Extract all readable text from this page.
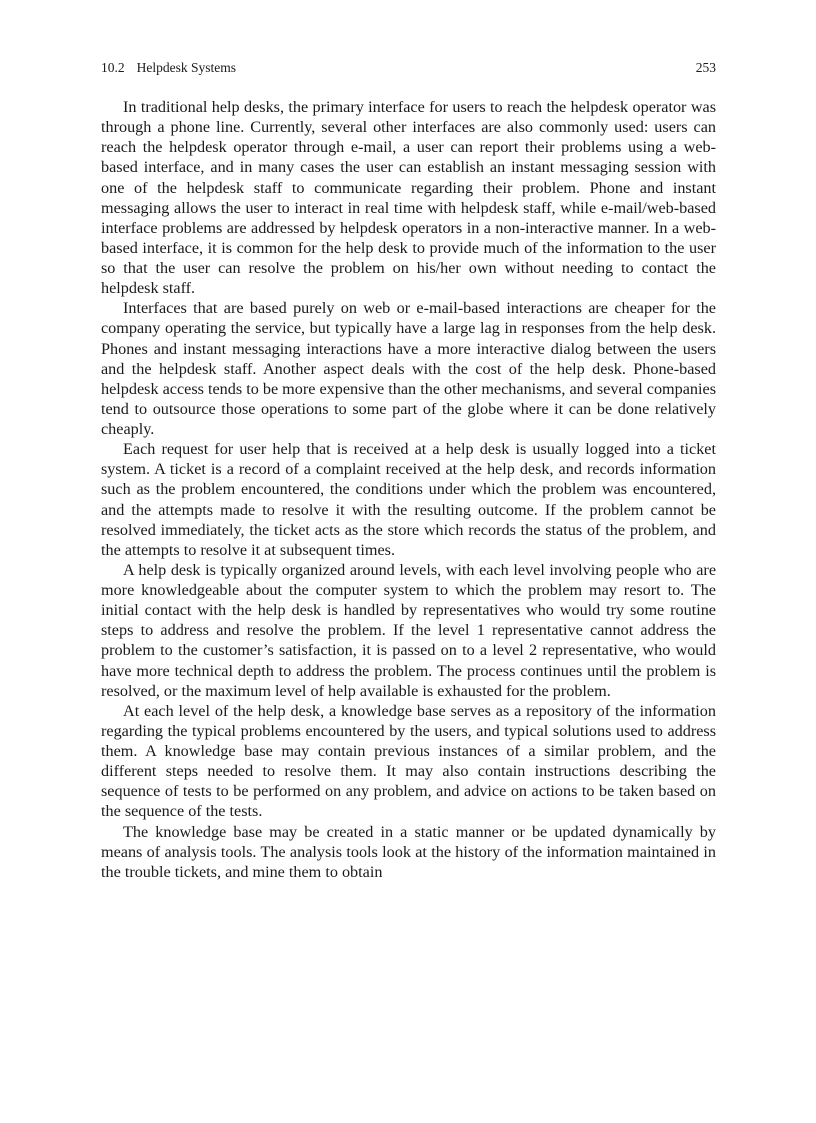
10.2 Helpdesk Systems	253

In traditional help desks, the primary interface for users to reach the helpdesk operator was through a phone line. Currently, several other interfaces are also commonly used: users can reach the helpdesk operator through e-mail, a user can report their problems using a web-based interface, and in many cases the user can establish an instant messaging session with one of the helpdesk staff to communicate regarding their problem. Phone and instant messaging allows the user to interact in real time with helpdesk staff, while e-mail/web-based interface problems are addressed by helpdesk operators in a non-interactive manner. In a web-based interface, it is common for the help desk to provide much of the information to the user so that the user can resolve the problem on his/her own without needing to contact the helpdesk staff.

Interfaces that are based purely on web or e-mail-based interactions are cheaper for the company operating the service, but typically have a large lag in responses from the help desk. Phones and instant messaging interactions have a more interactive dialog between the users and the helpdesk staff. Another aspect deals with the cost of the help desk. Phone-based helpdesk access tends to be more expensive than the other mechanisms, and several companies tend to outsource those operations to some part of the globe where it can be done relatively cheaply.

Each request for user help that is received at a help desk is usually logged into a ticket system. A ticket is a record of a complaint received at the help desk, and records information such as the problem encountered, the conditions under which the problem was encountered, and the attempts made to resolve it with the resulting outcome. If the problem cannot be resolved immediately, the ticket acts as the store which records the status of the problem, and the attempts to resolve it at subsequent times.

A help desk is typically organized around levels, with each level involving people who are more knowledgeable about the computer system to which the problem may resort to. The initial contact with the help desk is handled by representatives who would try some routine steps to address and resolve the problem. If the level 1 representative cannot address the problem to the customer’s satisfaction, it is passed on to a level 2 representative, who would have more technical depth to address the problem. The process continues until the problem is resolved, or the maximum level of help available is exhausted for the problem.

At each level of the help desk, a knowledge base serves as a repository of the information regarding the typical problems encountered by the users, and typical solutions used to address them. A knowledge base may contain previous instances of a similar problem, and the different steps needed to resolve them. It may also contain instructions describing the sequence of tests to be performed on any problem, and advice on actions to be taken based on the sequence of the tests.

The knowledge base may be created in a static manner or be updated dynamically by means of analysis tools. The analysis tools look at the history of the information maintained in the trouble tickets, and mine them to obtain
